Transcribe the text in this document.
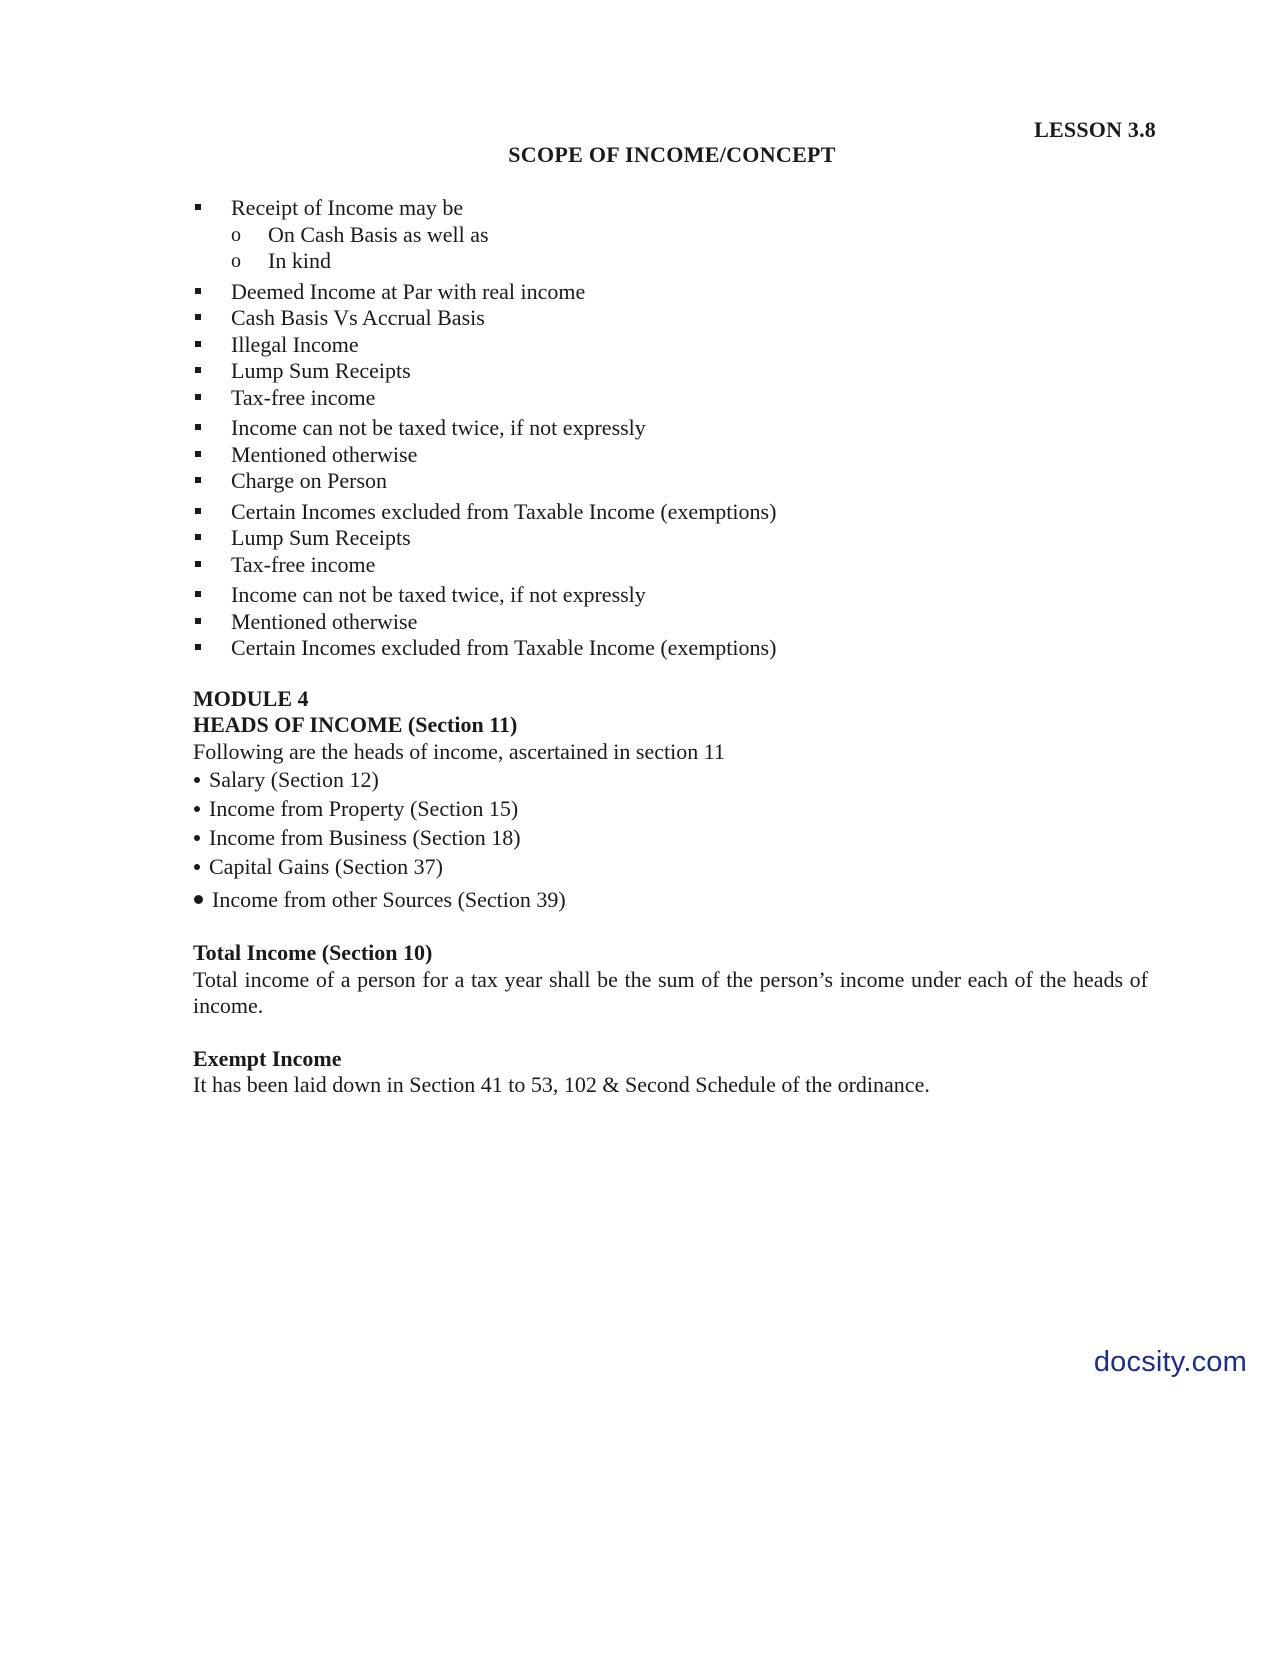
LESSON 3.8
SCOPE OF INCOME/CONCEPT
Receipt of Income may be
o On Cash Basis as well as
o In kind
Deemed Income at Par with real income
Cash Basis Vs Accrual Basis
Illegal Income
Lump Sum Receipts
Tax-free income
Income can not be taxed twice, if not expressly
Mentioned otherwise
Charge on Person
Certain Incomes excluded from Taxable Income (exemptions)
Lump Sum Receipts
Tax-free income
Income can not be taxed twice, if not expressly
Mentioned otherwise
Certain Incomes excluded from Taxable Income (exemptions)
MODULE 4
HEADS OF INCOME (Section 11)

Following are the heads of income, ascertained in section 11

Salary (Section 12)
Income from Property (Section 15)
Income from Business (Section 18)
Capital Gains (Section 37)
Income from other Sources (Section 39)
Total Income (Section 10)

Total income of a person for a tax year shall be the sum of the person’s income under each of the heads of income.

Exempt Income

It has been laid down in Section 41 to 53, 102 & Second Schedule of the ordinance.

docsity.com
